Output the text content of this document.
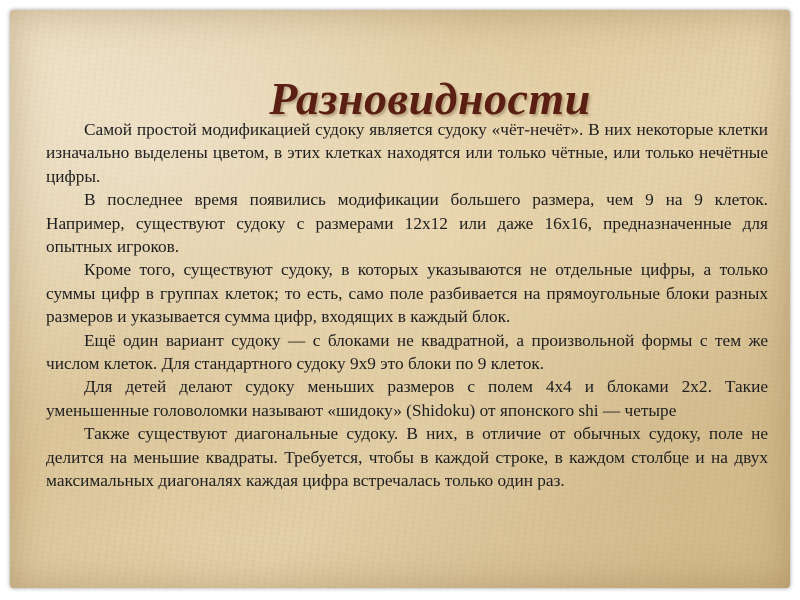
Разновидности

Самой простой модификацией судоку является судоку «чёт-нечёт». В них некоторые клетки изначально выделены цветом, в этих клетках находятся или только чётные, или только нечётные цифры.

В последнее время появились модификации большего размера, чем 9 на 9 клеток. Например, существуют судоку с размерами 12x12 или даже 16x16, предназначенные для опытных игроков.

Кроме того, существуют судоку, в которых указываются не отдельные цифры, а только суммы цифр в группах клеток; то есть, само поле разбивается на прямоугольные блоки разных размеров и указывается сумма цифр, входящих в каждый блок.

Ещё один вариант судоку — с блоками не квадратной, а произвольной формы с тем же числом клеток. Для стандартного судоку 9x9 это блоки по 9 клеток.

Для детей делают судоку меньших размеров с полем 4x4 и блоками 2x2. Такие уменьшенные головоломки называют «шидоку» (Shidoku) от японского shi — четыре

Также существуют диагональные судоку. В них, в отличие от обычных судоку, поле не делится на меньшие квадраты. Требуется, чтобы в каждой строке, в каждом столбце и на двух максимальных диагоналях каждая цифра встречалась только один раз.
